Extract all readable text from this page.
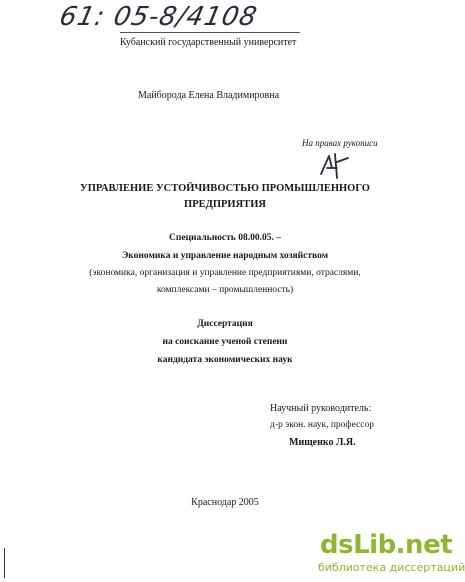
61: 05-8/4108
Кубанский государственный университет
Майборода Елена Владимировна
На правах рукописи
УПРАВЛЕНИЕ УСТОЙЧИВОСТЬЮ ПРОМЫШЛЕННОГО
ПРЕДПРИЯТИЯ
Специальность 08.00.05. –
Экономика и управление народным хозяйством
(экономика, организация и управление предприятиями, отраслями,
комплексами – промышленность)
Диссертация
на соискание ученой степени
кандидата экономических наук
Научный руководитель:
д-р экон. наук, профессор
Мищенко Л.Я.
Краснодар 2005
dsLib.net
библиотека диссертаций
